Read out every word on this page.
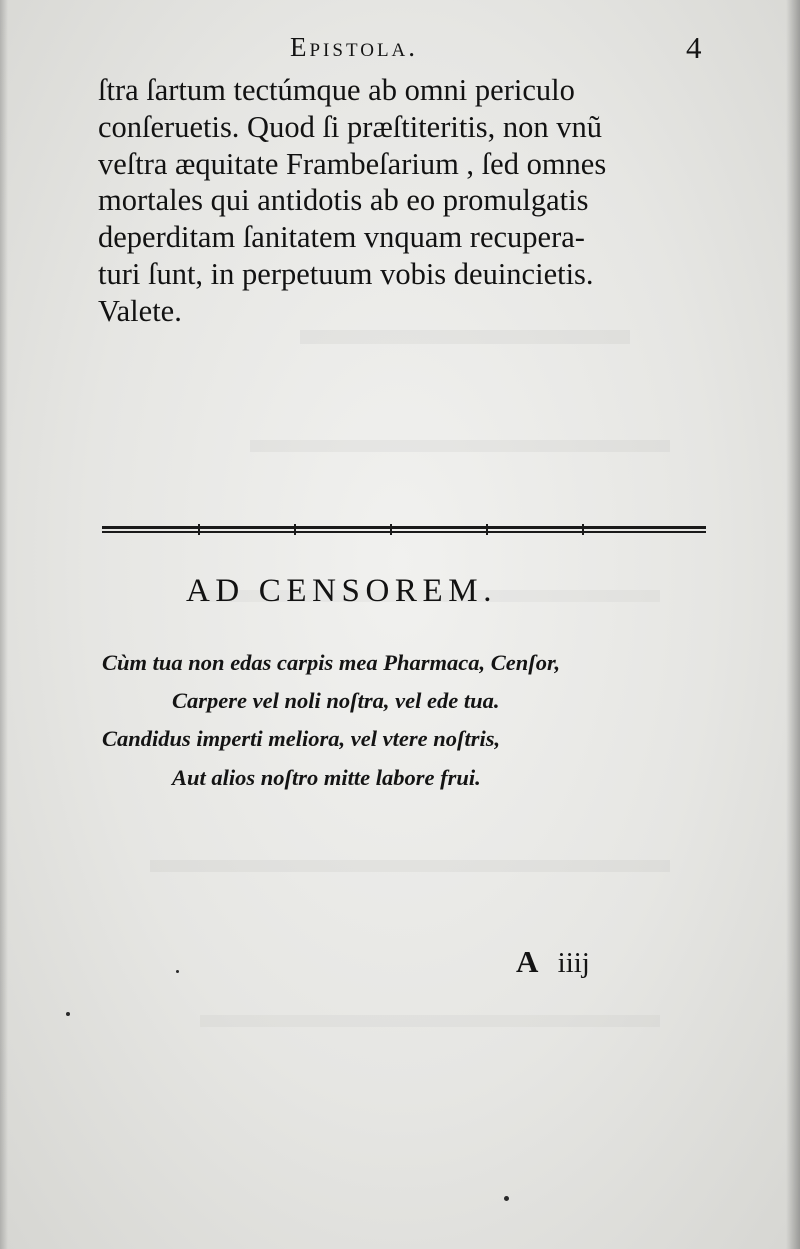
Epistola.	4
ſtra ſartum tectúmque ab omni periculo
conſeruetis. Quod ſi præſtiteritis, non vnũ
veſtra æquitate Frambeſarium , ſed omnes
mortales qui antidotis ab eo promulgatis
deperditam ſanitatem vnquam recupera-
turi ſunt, in perpetuum vobis deuincietis.
Valete.
AD CENSOREM.
Cùm tua non edas carpis mea Pharmaca, Cenſor,
Carpere vel noli noſtra, vel ede tua.
Candidus imperti meliora, vel vtere noſtris,
Aut alios noſtro mitte labore frui.
A iiij
